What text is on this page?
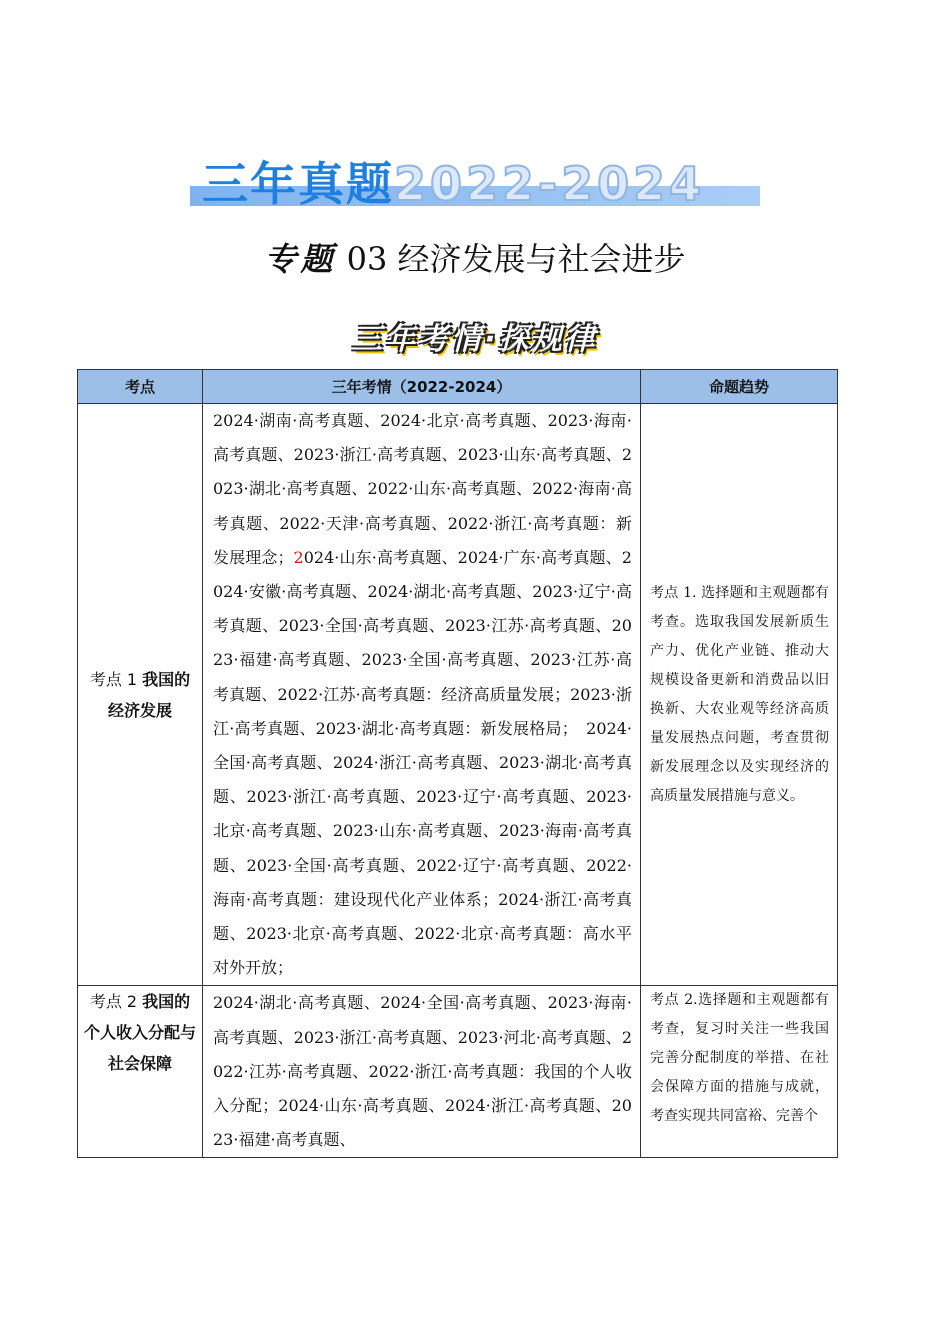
三年真题2022-2024
专题 03 经济发展与社会进步
三年考情·探规律
考点	三年考情（2022-2024）	命题趋势
考点 1 我国的经济发展	2024·湖南·高考真题、2024·北京·高考真题、2023·海南·高考真题、2023·浙江·高考真题、2023·山东·高考真题、2023·湖北·高考真题、2022·山东·高考真题、2022·海南·高考真题、2022·天津·高考真题、2022·浙江·高考真题：新发展理念；2024·山东·高考真题、2024·广东·高考真题、2024·安徽·高考真题、2024·湖北·高考真题、2023·辽宁·高考真题、2023·全国·高考真题、2023·江苏·高考真题、2023·福建·高考真题、2023·全国·高考真题、2023·江苏·高考真题、2022·江苏·高考真题：经济高质量发展；2023·浙江·高考真题、2023·湖北·高考真题：新发展格局；　2024·全国·高考真题、2024·浙江·高考真题、2023·湖北·高考真题、2023·浙江·高考真题、2023·辽宁·高考真题、2023·北京·高考真题、2023·山东·高考真题、2023·海南·高考真题、2023·全国·高考真题、2022·辽宁·高考真题、2022·海南·高考真题：建设现代化产业体系；2024·浙江·高考真题、2023·北京·高考真题、2022·北京·高考真题：高水平对外开放；	考点 1. 选择题和主观题都有考查。选取我国发展新质生产力、优化产业链、推动大规模设备更新和消费品以旧换新、大农业观等经济高质量发展热点问题，考查贯彻新发展理念以及实现经济的高质量发展措施与意义。
考点 2 我国的个人收入分配与社会保障	2024·湖北·高考真题、2024·全国·高考真题、2023·海南·高考真题、2023·浙江·高考真题、2023·河北·高考真题、2022·江苏·高考真题、2022·浙江·高考真题：我国的个人收入分配；2024·山东·高考真题、2024·浙江·高考真题、2023·福建·高考真题、	考点 2.选择题和主观题都有考查，复习时关注一些我国完善分配制度的举措、在社会保障方面的措施与成就，考查实现共同富裕、完善个
